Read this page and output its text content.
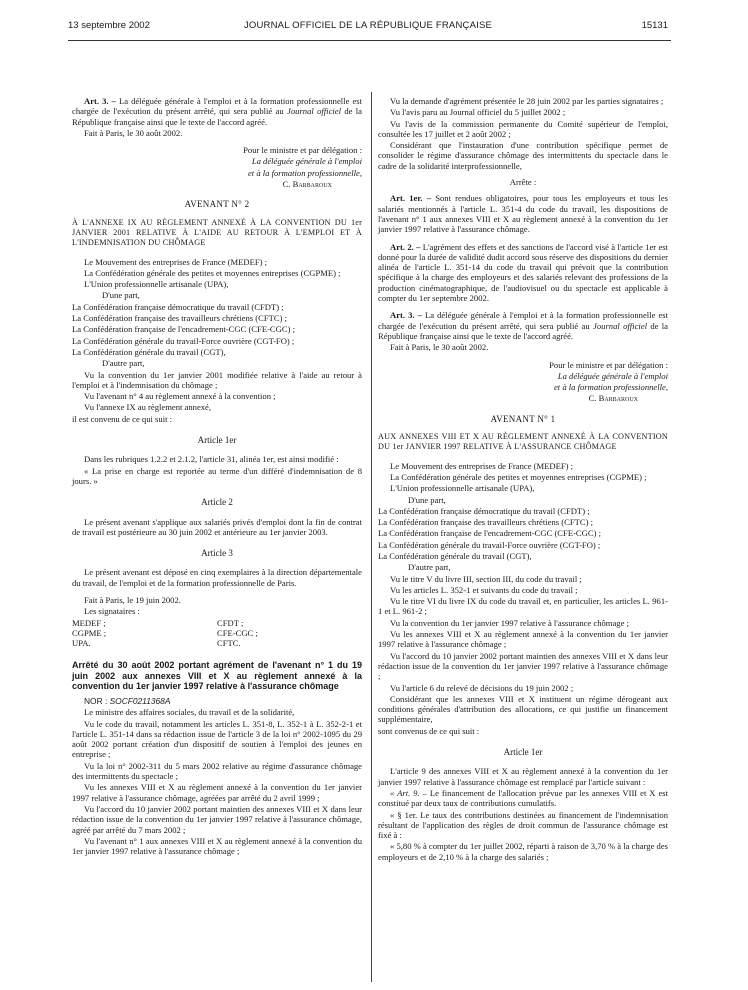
13 septembre 2002	JOURNAL OFFICIEL DE LA RÉPUBLIQUE FRANÇAISE	15131

Art. 3. – La déléguée générale à l'emploi et à la formation professionnelle est chargée de l'exécution du présent arrêté, qui sera publié au Journal officiel de la République française ainsi que le texte de l'accord agréé.

Fait à Paris, le 30 août 2002.

Pour le ministre et par délégation :

La déléguée générale à l'emploi

et à la formation professionnelle,

C. Barbaroux

AVENANT N° 2

À L'ANNEXE IX AU RÈGLEMENT ANNEXÉ À LA CONVENTION DU 1er JANVIER 2001 RELATIVE À L'AIDE AU RETOUR À L'EMPLOI ET À L'INDEMNISATION DU CHÔMAGE

Le Mouvement des entreprises de France (MEDEF) ;

La Confédération générale des petites et moyennes entreprises (CGPME) ;

L'Union professionnelle artisanale (UPA),

D'une part,

La Confédération française démocratique du travail (CFDT) ;

La Confédération française des travailleurs chrétiens (CFTC) ;

La Confédération française de l'encadrement-CGC (CFE-CGC) ;

La Confédération générale du travail-Force ouvrière (CGT-FO) ;

La Confédération générale du travail (CGT),

D'autre part,

Vu la convention du 1er janvier 2001 modifiée relative à l'aide au retour à l'emploi et à l'indemnisation du chômage ;

Vu l'avenant n° 4 au règlement annexé à la convention ;

Vu l'annexe IX au règlement annexé,

il est convenu de ce qui suit :

Article 1er

Dans les rubriques 1.2.2 et 2.1.2, l'article 31, alinéa 1er, est ainsi modifié :

« La prise en charge est reportée au terme d'un différé d'indemnisation de 8 jours. »

Article 2

Le présent avenant s'applique aux salariés privés d'emploi dont la fin de contrat de travail est postérieure au 30 juin 2002 et antérieure au 1er janvier 2003.

Article 3

Le présent avenant est déposé en cinq exemplaires à la direction départementale du travail, de l'emploi et de la formation professionnelle de Paris.

Fait à Paris, le 19 juin 2002.

Les signataires :

MEDEF ;	CFDT ;
CGPME ;	CFE-CGC ;
UPA.	CFTC.

Arrêté du 30 août 2002 portant agrément de l'avenant n° 1 du 19 juin 2002 aux annexes VIII et X au règlement annexé à la convention du 1er janvier 1997 relative à l'assurance chômage

NOR : SOCF0211368A

Le ministre des affaires sociales, du travail et de la solidarité,

Vu le code du travail, notamment les articles L. 351-8, L. 352-1 à L. 352-2-1 et l'article L. 351-14 dans sa rédaction issue de l'article 3 de la loi n° 2002-1095 du 29 août 2002 portant création d'un dispositif de soutien à l'emploi des jeunes en entreprise ;

Vu la loi n° 2002-311 du 5 mars 2002 relative au régime d'assurance chômage des intermittents du spectacle ;

Vu les annexes VIII et X au règlement annexé à la convention du 1er janvier 1997 relative à l'assurance chômage, agréées par arrêté du 2 avril 1999 ;

Vu l'accord du 10 janvier 2002 portant maintien des annexes VIII et X dans leur rédaction issue de la convention du 1er janvier 1997 relative à l'assurance chômage, agréé par arrêté du 7 mars 2002 ;

Vu l'avenant n° 1 aux annexes VIII et X au règlement annexé à la convention du 1er janvier 1997 relative à l'assurance chômage ;

Vu la demande d'agrément présentée le 28 juin 2002 par les parties signataires ;

Vu l'avis paru au Journal officiel du 5 juillet 2002 ;

Vu l'avis de la commission permanente du Comité supérieur de l'emploi, consultée les 17 juillet et 2 août 2002 ;

Considérant que l'instauration d'une contribution spécifique permet de consolider le régime d'assurance chômage des intermittents du spectacle dans le cadre de la solidarité interprofessionnelle,

Arrête :

Art. 1er. – Sont rendues obligatoires, pour tous les employeurs et tous les salariés mentionnés à l'article L. 351-4 du code du travail, les dispositions de l'avenant n° 1 aux annexes VIII et X au règlement annexé à la convention du 1er janvier 1997 relative à l'assurance chômage.

Art. 2. – L'agrément des effets et des sanctions de l'accord visé à l'article 1er est donné pour la durée de validité dudit accord sous réserve des dispositions du dernier alinéa de l'article L. 351-14 du code du travail qui prévoit que la contribution spécifique à la charge des employeurs et des salariés relevant des professions de la production cinématographique, de l'audiovisuel ou du spectacle est applicable à compter du 1er septembre 2002.

Art. 3. – La déléguée générale à l'emploi et à la formation professionnelle est chargée de l'exécution du présent arrêté, qui sera publié au Journal officiel de la République française ainsi que le texte de l'accord agréé.

Fait à Paris, le 30 août 2002.

Pour le ministre et par délégation :

La déléguée générale à l'emploi

et à la formation professionnelle,

C. Barbaroux

AVENANT N° 1

AUX ANNEXES VIII ET X AU RÈGLEMENT ANNEXÉ À LA CONVENTION DU 1er JANVIER 1997 RELATIVE À L'ASSURANCE CHÔMAGE

Le Mouvement des entreprises de France (MEDEF) ;

La Confédération générale des petites et moyennes entreprises (CGPME) ;

L'Union professionnelle artisanale (UPA),

D'une part,

La Confédération française démocratique du travail (CFDT) ;

La Confédération française des travailleurs chrétiens (CFTC) ;

La Confédération française de l'encadrement-CGC (CFE-CGC) ;

La Confédération générale du travail-Force ouvrière (CGT-FO) ;

La Confédération générale du travail (CGT),

D'autre part,

Vu le titre V du livre III, section III, du code du travail ;

Vu les articles L. 352-1 et suivants du code du travail ;

Vu le titre VI du livre IX du code du travail et, en particulier, les articles L. 961-1 et L. 961-2 ;

Vu la convention du 1er janvier 1997 relative à l'assurance chômage ;

Vu les annexes VIII et X au règlement annexé à la convention du 1er janvier 1997 relative à l'assurance chômage ;

Vu l'accord du 10 janvier 2002 portant maintien des annexes VIII et X dans leur rédaction issue de la convention du 1er janvier 1997 relative à l'assurance chômage ;

Vu l'article 6 du relevé de décisions du 19 juin 2002 ;

Considérant que les annexes VIII et X instituent un régime dérogeant aux conditions générales d'attribution des allocations, ce qui justifie un financement supplémentaire,

sont convenus de ce qui suit :

Article 1er

L'article 9 des annexes VIII et X au règlement annexé à la convention du 1er janvier 1997 relative à l'assurance chômage est remplacé par l'article suivant :

« Art. 9. – Le financement de l'allocation prévue par les annexes VIII et X est constitué par deux taux de contributions cumulatifs.

« § 1er. Le taux des contributions destinées au financement de l'indemnisation résultant de l'application des règles de droit commun de l'assurance chômage est fixé à :

« 5,80 % à compter du 1er juillet 2002, réparti à raison de 3,70 % à la charge des employeurs et de 2,10 % à la charge des salariés ;
